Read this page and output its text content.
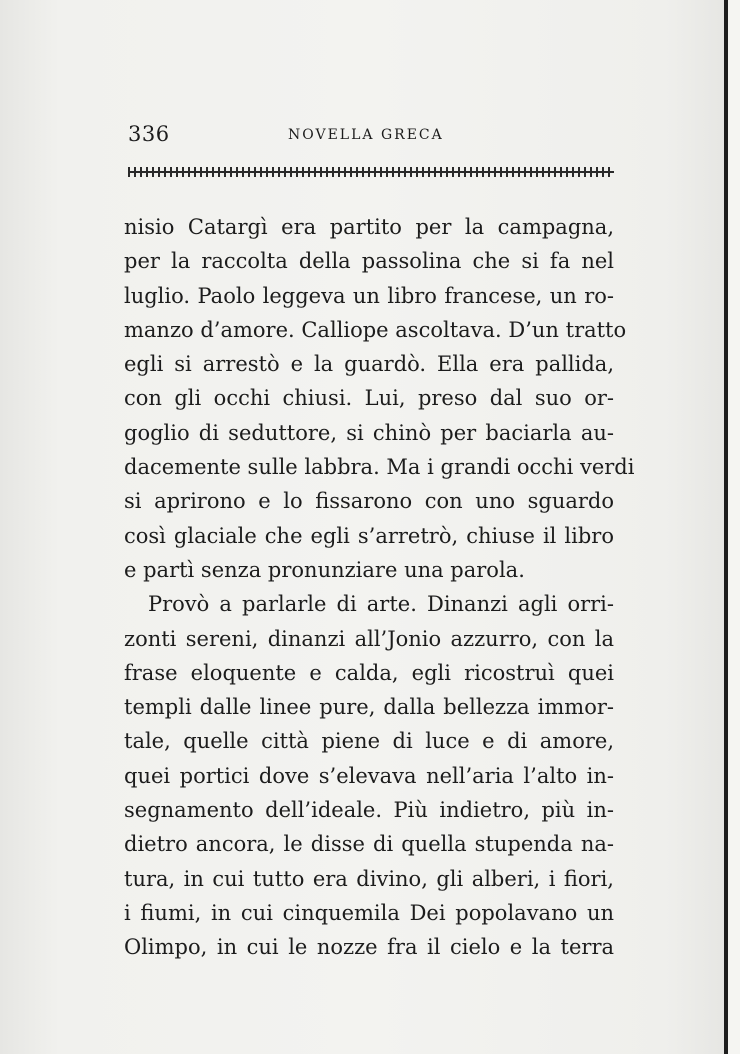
336	NOVELLA GRECA
nisio Catargì era partito per la campagna,
per la raccolta della passolina che si fa nel
luglio. Paolo leggeva un libro francese, un ro-
manzo d’amore. Calliope ascoltava. D’un tratto
egli si arrestò e la guardò. Ella era pallida,
con gli occhi chiusi. Lui, preso dal suo or-
goglio di seduttore, si chinò per baciarla au-
dacemente sulle labbra. Ma i grandi occhi verdi
si aprirono e lo fissarono con uno sguardo
così glaciale che egli s’arretrò, chiuse il libro
e partì senza pronunziare una parola.
Provò a parlarle di arte. Dinanzi agli orri-
zonti sereni, dinanzi all’Jonio azzurro, con la
frase eloquente e calda, egli ricostruì quei
templi dalle linee pure, dalla bellezza immor-
tale, quelle città piene di luce e di amore,
quei portici dove s’elevava nell’aria l’alto in-
segnamento dell’ideale. Più indietro, più in-
dietro ancora, le disse di quella stupenda na-
tura, in cui tutto era divino, gli alberi, i fiori,
i fiumi, in cui cinquemila Dei popolavano un
Olimpo, in cui le nozze fra il cielo e la terra
